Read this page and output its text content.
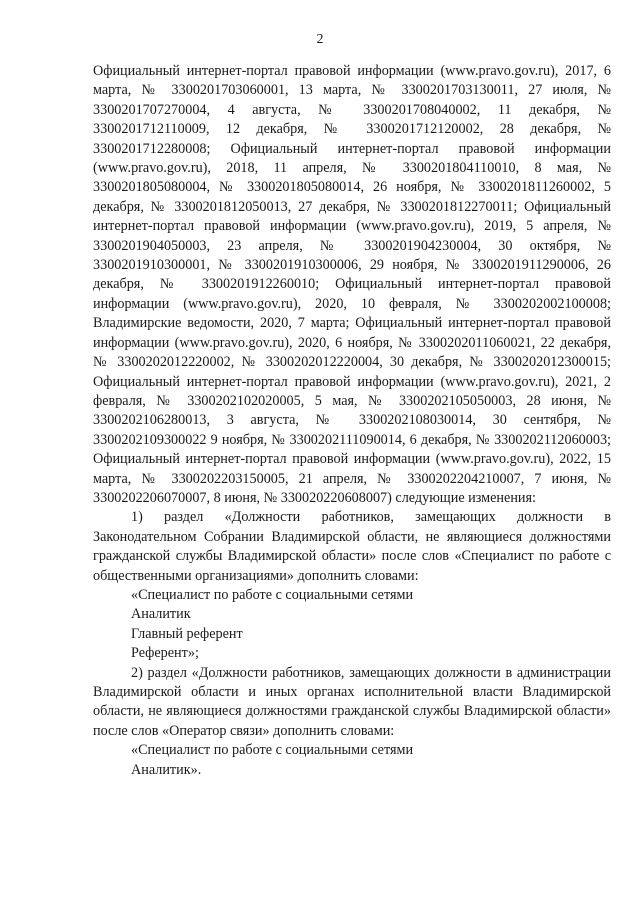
2

Официальный интернет-портал правовой информации (www.pravo.gov.ru), 2017, 6 марта, № 3300201703060001, 13 марта, № 3300201703130011, 27 июля, № 3300201707270004, 4 августа, № 3300201708040002, 11 декабря, № 3300201712110009, 12 декабря, № 3300201712120002, 28 декабря, № 3300201712280008; Официальный интернет-портал правовой информации (www.pravo.gov.ru), 2018, 11 апреля, № 3300201804110010, 8 мая, № 3300201805080004, № 3300201805080014, 26 ноября, № 3300201811260002, 5 декабря, № 3300201812050013, 27 декабря, № 3300201812270011; Официальный интернет-портал правовой информации (www.pravo.gov.ru), 2019, 5 апреля, № 3300201904050003, 23 апреля, № 3300201904230004, 30 октября, № 3300201910300001, № 3300201910300006, 29 ноября, № 3300201911290006, 26 декабря, № 3300201912260010; Официальный интернет-портал правовой информации (www.pravo.gov.ru), 2020, 10 февраля, № 3300202002100008; Владимирские ведомости, 2020, 7 марта; Официальный интернет-портал правовой информации (www.pravo.gov.ru), 2020, 6 ноября, № 3300202011060021, 22 декабря, № 3300202012220002, № 3300202012220004, 30 декабря, № 3300202012300015; Официальный интернет-портал правовой информации (www.pravo.gov.ru), 2021, 2 февраля, № 3300202102020005, 5 мая, № 3300202105050003, 28 июня, № 3300202106280013, 3 августа, № 3300202108030014, 30 сентября, № 3300202109300022 9 ноября, № 3300202111090014, 6 декабря, № 3300202112060003; Официальный интернет-портал правовой информации (www.pravo.gov.ru), 2022, 15 марта, № 3300202203150005, 21 апреля, № 3300202204210007, 7 июня, № 3300202206070007, 8 июня, № 330020220608007) следующие изменения:

1) раздел «Должности работников, замещающих должности в Законодательном Собрании Владимирской области, не являющиеся должностями гражданской службы Владимирской области» после слов «Специалист по работе с общественными организациями» дополнить словами:

«Специалист по работе с социальными сетями

Аналитик

Главный референт

Референт»;

2) раздел «Должности работников, замещающих должности в администрации Владимирской области и иных органах исполнительной власти Владимирской области, не являющиеся должностями гражданской службы Владимирской области» после слов «Оператор связи» дополнить словами:

«Специалист по работе с социальными сетями

Аналитик».
